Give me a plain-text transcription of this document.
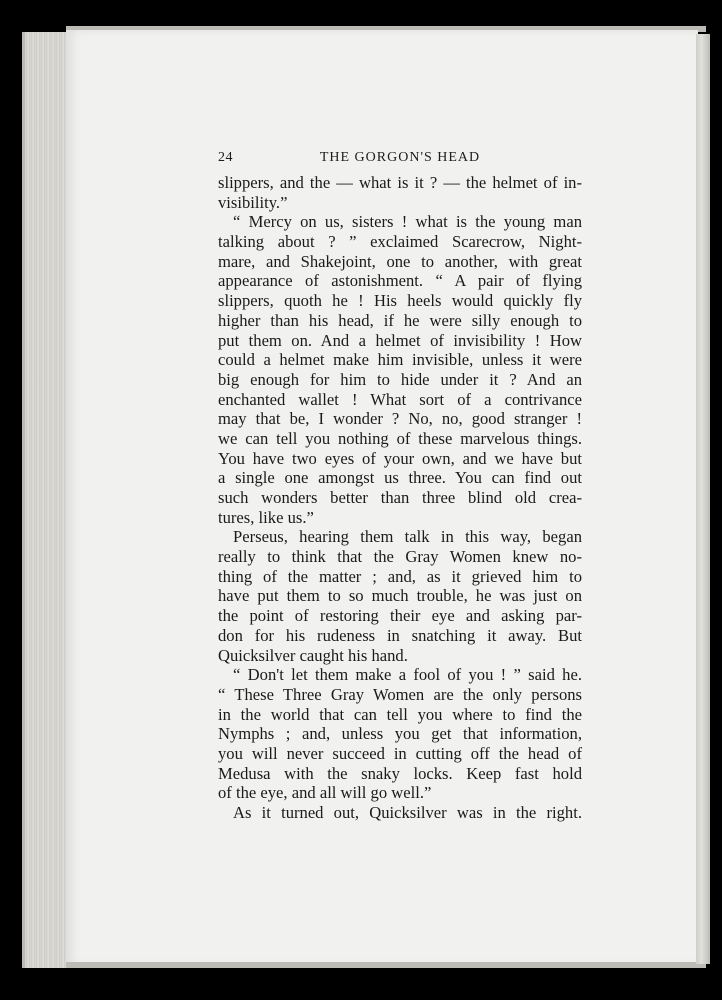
24	THE GORGON'S HEAD
slippers, and the — what is it ? — the helmet of in-
visibility.”
“ Mercy on us, sisters ! what is the young man
talking about ? ” exclaimed Scarecrow, Night-
mare, and Shakejoint, one to another, with great
appearance of astonishment. “ A pair of flying
slippers, quoth he ! His heels would quickly fly
higher than his head, if he were silly enough to
put them on. And a helmet of invisibility ! How
could a helmet make him invisible, unless it were
big enough for him to hide under it ? And an
enchanted wallet ! What sort of a contrivance
may that be, I wonder ? No, no, good stranger !
we can tell you nothing of these marvelous things.
You have two eyes of your own, and we have but
a single one amongst us three. You can find out
such wonders better than three blind old crea-
tures, like us.”
Perseus, hearing them talk in this way, began
really to think that the Gray Women knew no-
thing of the matter ; and, as it grieved him to
have put them to so much trouble, he was just on
the point of restoring their eye and asking par-
don for his rudeness in snatching it away. But
Quicksilver caught his hand.
“ Don't let them make a fool of you ! ” said he.
“ These Three Gray Women are the only persons
in the world that can tell you where to find the
Nymphs ; and, unless you get that information,
you will never succeed in cutting off the head of
Medusa with the snaky locks. Keep fast hold
of the eye, and all will go well.”
As it turned out, Quicksilver was in the right.
